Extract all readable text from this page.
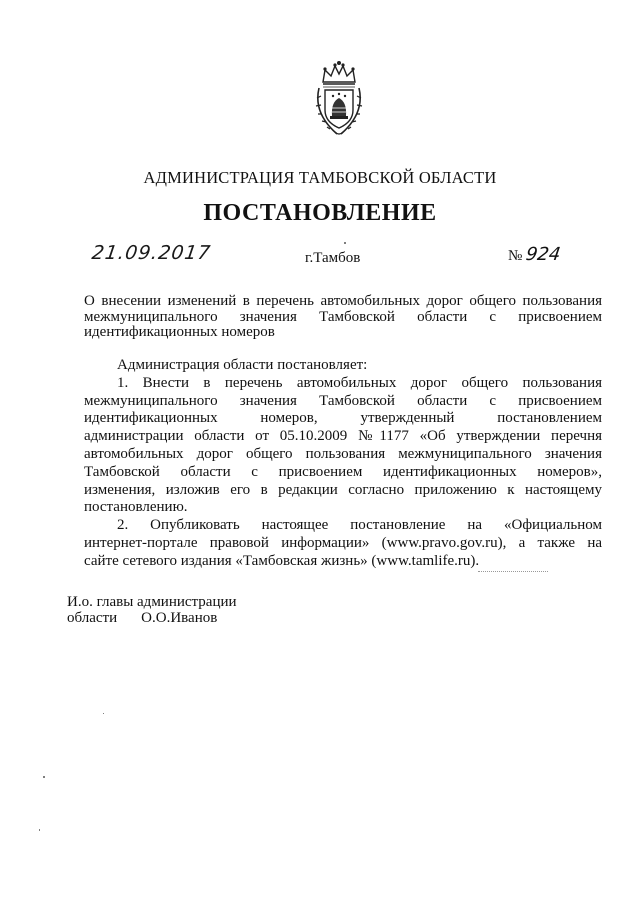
АДМИНИСТРАЦИЯ ТАМБОВСКОЙ ОБЛАСТИ
ПОСТАНОВЛЕНИЕ
21.09.2017	г.Тамбов	№ 924
О внесении изменений в перечень автомобильных дорог общего пользования
межмуниципального значения Тамбовской области с присвоением
идентификационных номеров

Администрация области постановляет:

1. Внести в перечень автомобильных дорог общего пользования
межмуниципального значения Тамбовской области с присвоением
идентификационных номеров, утвержденный постановлением
администрации области от 05.10.2009 №1177 «Об утверждении перечня
автомобильных дорог общего пользования межмуниципального значения
Тамбовской области с присвоением идентификационных номеров»,
изменения, изложив его в редакции согласно приложению к настоящему
постановлению.
2. Опубликовать настоящее постановление на «Официальном
интернет-портале правовой информации» (www.pravo.gov.ru), а также на
сайте сетевого издания «Тамбовская жизнь» (www.tamlife.ru).
И.о. главы администрации
области О.О.Иванов
